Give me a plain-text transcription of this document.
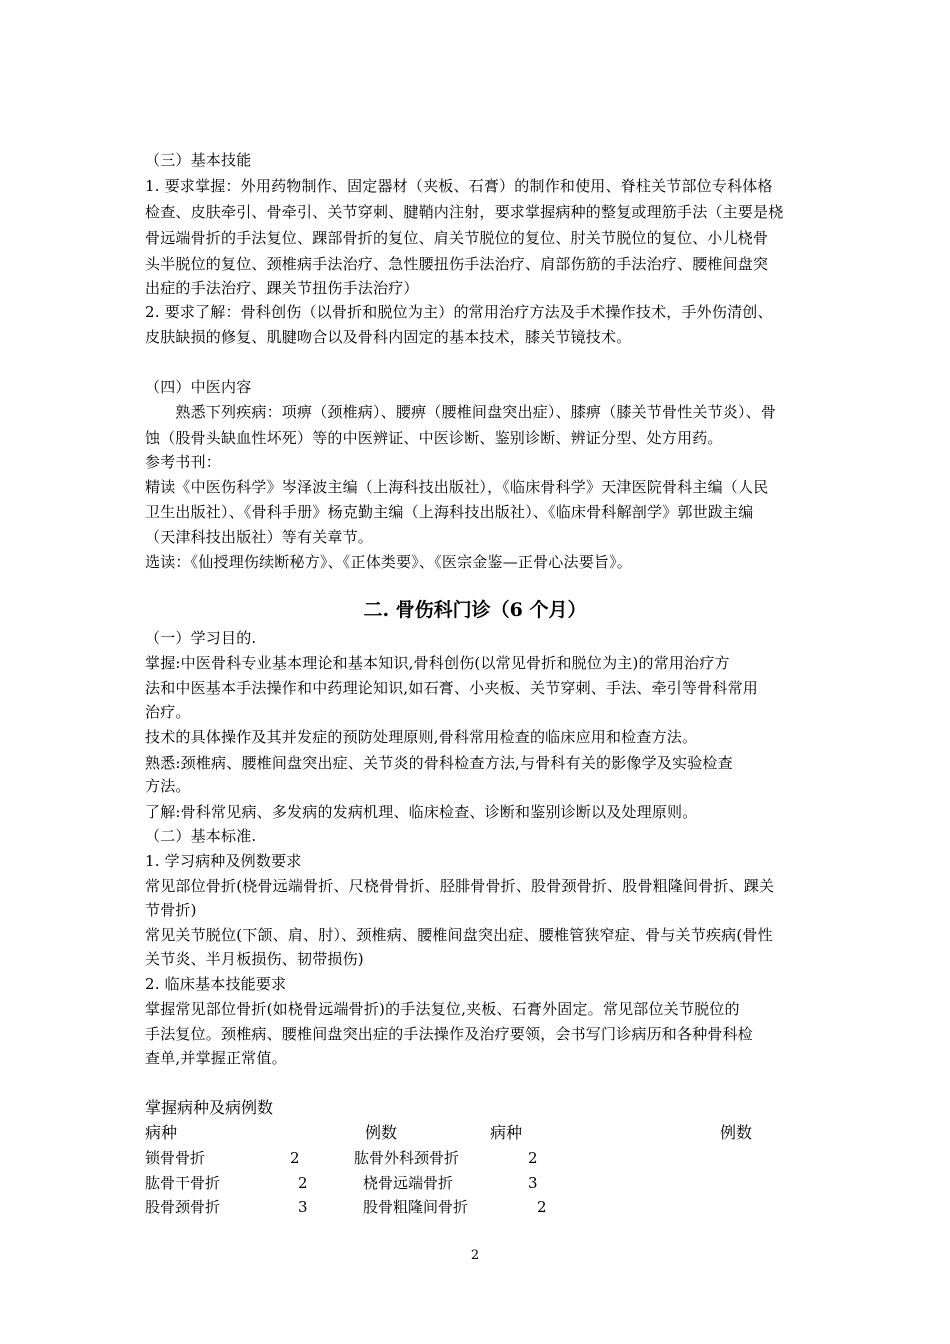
（三）基本技能
1. 要求掌握：外用药物制作、固定器材（夹板、石膏）的制作和使用、脊柱关节部位专科体格
检查、皮肤牵引、骨牵引、关节穿刺、腱鞘内注射，要求掌握病种的整复或理筋手法（主要是桡
骨远端骨折的手法复位、踝部骨折的复位、肩关节脱位的复位、肘关节脱位的复位、小儿桡骨
头半脱位的复位、颈椎病手法治疗、急性腰扭伤手法治疗、肩部伤筋的手法治疗、腰椎间盘突
出症的手法治疗、踝关节扭伤手法治疗）
2. 要求了解：骨科创伤（以骨折和脱位为主）的常用治疗方法及手术操作技术，手外伤清创、
皮肤缺损的修复、肌腱吻合以及骨科内固定的基本技术，膝关节镜技术。
（四）中医内容
　　熟悉下列疾病：项痹（颈椎病）、腰痹（腰椎间盘突出症）、膝痹（膝关节骨性关节炎）、骨
蚀（股骨头缺血性坏死）等的中医辨证、中医诊断、鉴别诊断、辨证分型、处方用药。
参考书刊：
精读《中医伤科学》岑泽波主编（上海科技出版社），《临床骨科学》天津医院骨科主编（人民
卫生出版社）、《骨科手册》杨克勤主编（上海科技出版社）、《临床骨科解剖学》郭世跋主编
（天津科技出版社）等有关章节。
选读：《仙授理伤续断秘方》、《正体类要》、《医宗金鉴—正骨心法要旨》。
二. 骨伤科门诊（6 个月）
（一）学习目的.
掌握:中医骨科专业基本理论和基本知识,骨科创伤(以常见骨折和脱位为主)的常用治疗方
法和中医基本手法操作和中药理论知识,如石膏、小夹板、关节穿刺、手法、牵引等骨科常用
治疗。
技术的具体操作及其并发症的预防处理原则,骨科常用检查的临床应用和检查方法。
熟悉:颈椎病、腰椎间盘突出症、关节炎的骨科检查方法,与骨科有关的影像学及实验检查
方法。
了解:骨科常见病、多发病的发病机理、临床检查、诊断和鉴别诊断以及处理原则。
（二）基本标准.
1. 学习病种及例数要求
常见部位骨折(桡骨远端骨折、尺桡骨骨折、胫腓骨骨折、股骨颈骨折、股骨粗隆间骨折、踝关
节骨折)
常见关节脱位(下颌、肩、肘）、颈椎病、腰椎间盘突出症、腰椎管狭窄症、骨与关节疾病(骨性
关节炎、半月板损伤、韧带损伤)
2. 临床基本技能要求
掌握常见部位骨折(如桡骨远端骨折)的手法复位,夹板、石膏外固定。常见部位关节脱位的
手法复位。颈椎病、腰椎间盘突出症的手法操作及治疗要领，会书写门诊病历和各种骨科检
查单,并掌握正常值。
掌握病种及病例数
病种	例数	病种	例数
锁骨骨折	2	肱骨外科颈骨折	2
肱骨干骨折	2	桡骨远端骨折	3
股骨颈骨折	3	股骨粗隆间骨折	2
2
